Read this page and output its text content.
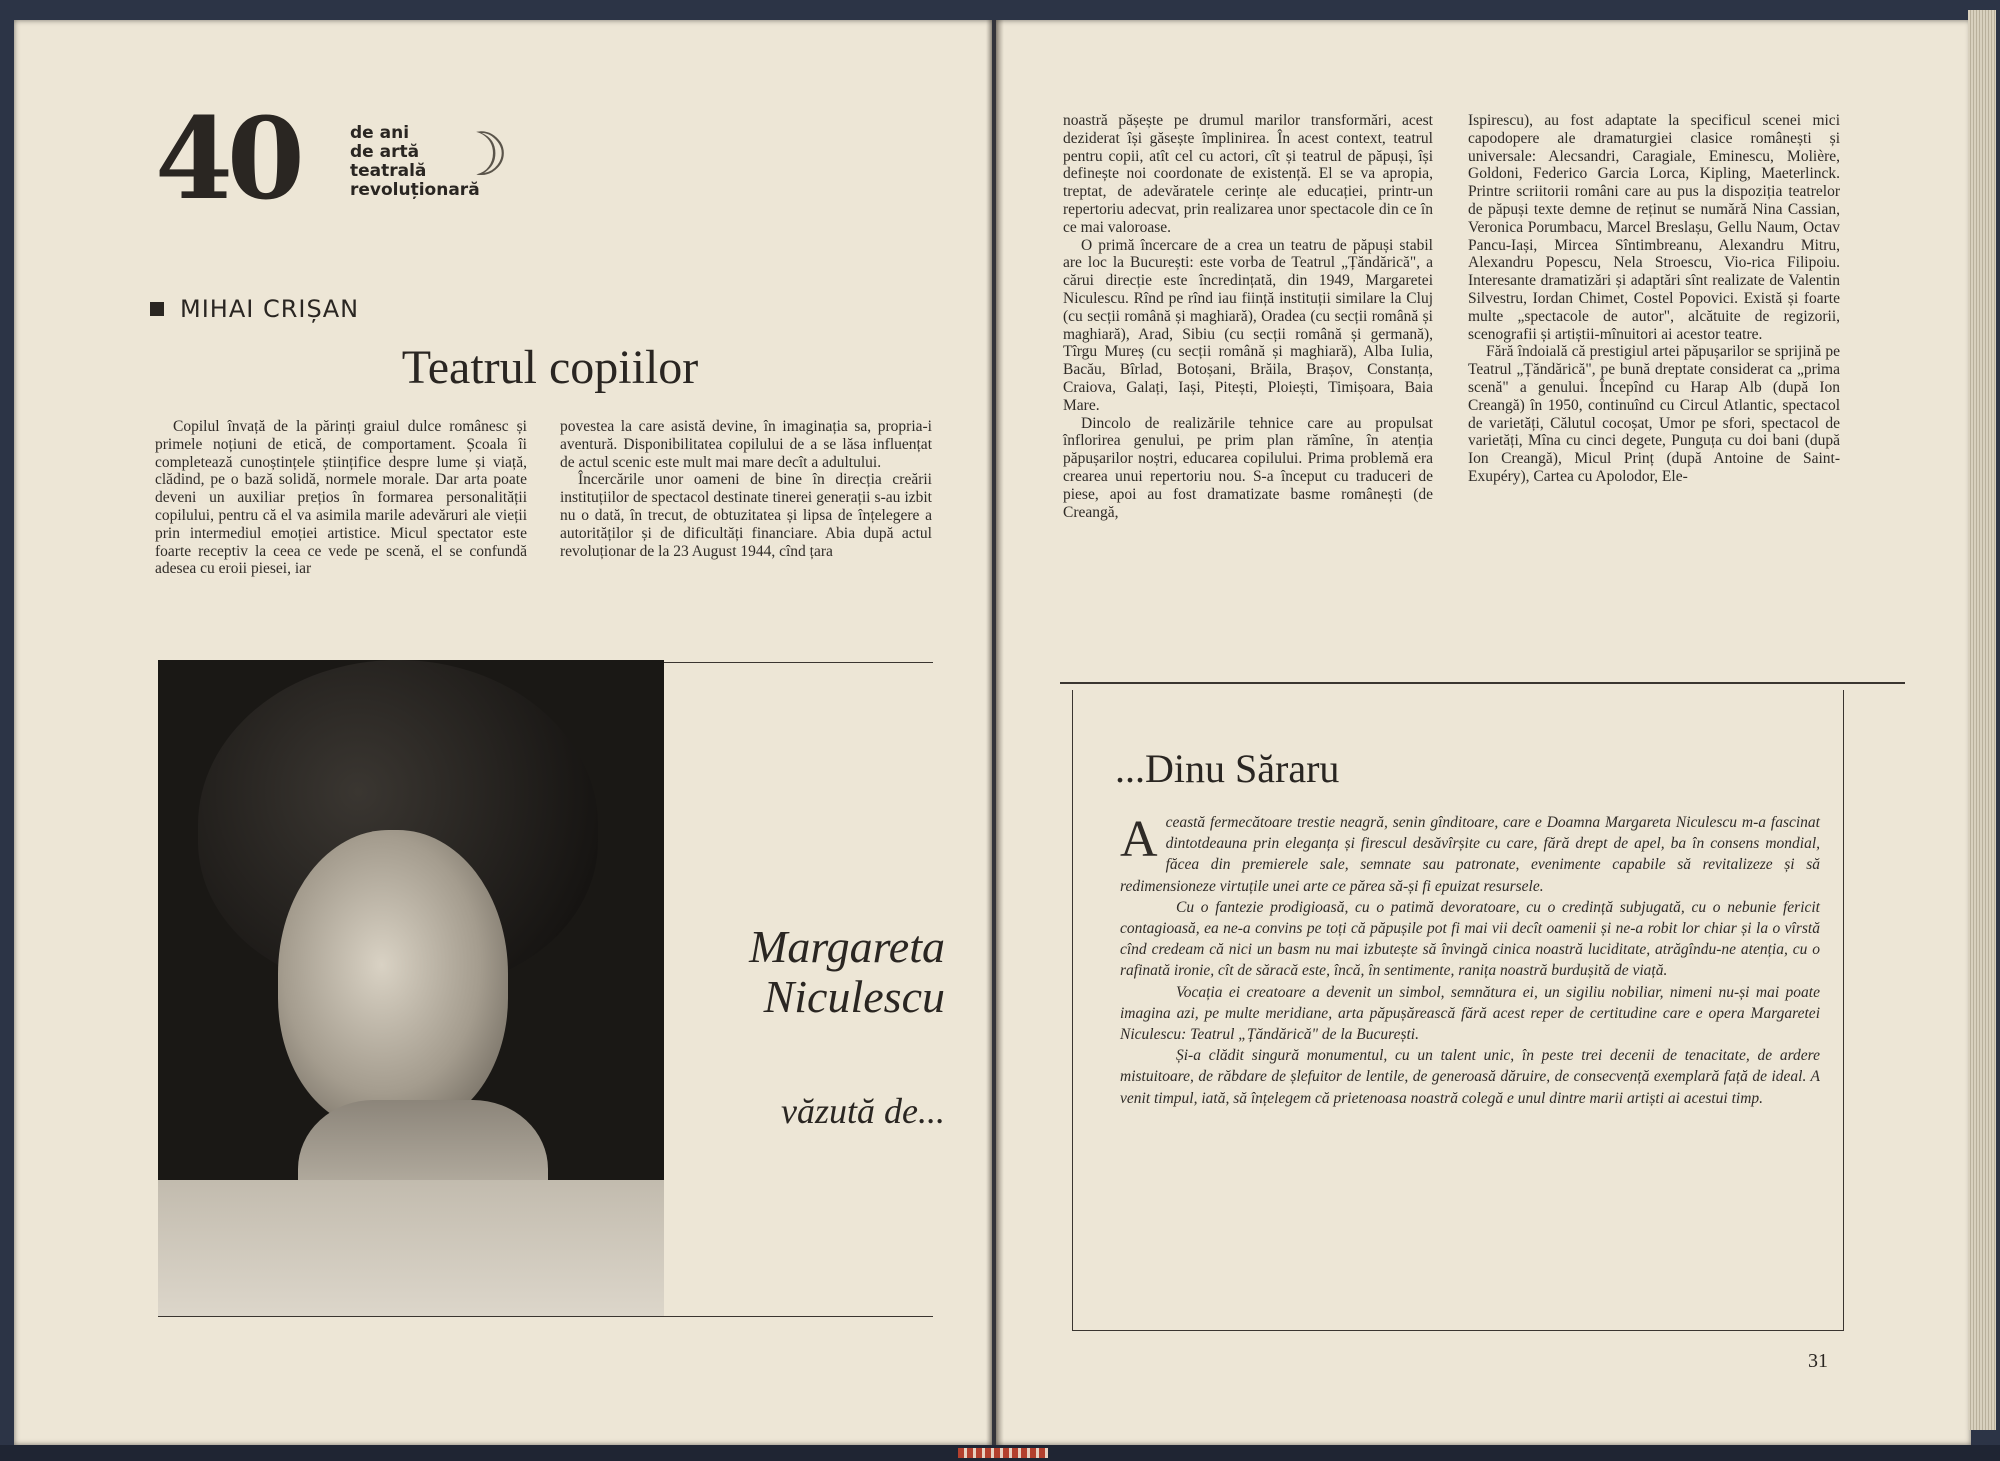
40	de ani
de artă
teatrală
revoluționară
☽
MIHAI CRIȘAN
Teatrul copiilor

Copilul învață de la părinți graiul dulce românesc și primele noțiuni de etică, de comportament. Școala îi completează cunoștințele științifice despre lume și viață, clădind, pe o bază solidă, normele morale. Dar arta poate deveni un auxiliar prețios în formarea personalității copilului, pentru că el va asimila marile adevăruri ale vieții prin intermediul emoției artistice. Micul spectator este foarte receptiv la ceea ce vede pe scenă, el se confundă adesea cu eroii piesei, iar

povestea la care asistă devine, în imaginația sa, propria-i aventură. Disponibilitatea copilului de a se lăsa influențat de actul scenic este mult mai mare decît a adultului.

Încercările unor oameni de bine în direcția creării instituțiilor de spectacol destinate tinerei generații s-au izbit nu o dată, în trecut, de obtuzitatea și lipsa de înțelegere a autorităților și de dificultăți financiare. Abia după actul revoluționar de la 23 August 1944, cînd țara

Margareta
Niculescu
văzută de...

noastră pășește pe drumul marilor transformări, acest deziderat își găsește împlinirea. În acest context, teatrul pentru copii, atît cel cu actori, cît și teatrul de păpuși, își definește noi coordonate de existență. El se va apropia, treptat, de adevăratele cerințe ale educației, printr-un repertoriu adecvat, prin realizarea unor spectacole din ce în ce mai valoroase.

O primă încercare de a crea un teatru de păpuși stabil are loc la București: este vorba de Teatrul „Țăndărică", a cărui direcție este încredințată, din 1949, Margaretei Niculescu. Rînd pe rînd iau ființă instituții similare la Cluj (cu secții română și maghiară), Oradea (cu secții română și maghiară), Arad, Sibiu (cu secții română și germană), Tîrgu Mureș (cu secții română și maghiară), Alba Iulia, Bacău, Bîrlad, Botoșani, Brăila, Brașov, Constanța, Craiova, Galați, Iași, Pitești, Ploiești, Timișoara, Baia Mare.

Dincolo de realizările tehnice care au propulsat înflorirea genului, pe prim plan rămîne, în atenția păpușarilor noștri, educarea copilului. Prima problemă era crearea unui repertoriu nou. S-a început cu traduceri de piese, apoi au fost dramatizate basme românești (de Creangă,

Ispirescu), au fost adaptate la specificul scenei mici capodopere ale dramaturgiei clasice românești și universale: Alecsandri, Caragiale, Eminescu, Molière, Goldoni, Federico Garcia Lorca, Kipling, Maeterlinck. Printre scriitorii români care au pus la dispoziția teatrelor de păpuși texte demne de reținut se numără Nina Cassian, Veronica Porumbacu, Marcel Breslașu, Gellu Naum, Octav Pancu-Iași, Mircea Sîntimbreanu, Alexandru Mitru, Alexandru Popescu, Nela Stroescu, Vio-rica Filipoiu. Interesante dramatizări și adaptări sînt realizate de Valentin Silvestru, Iordan Chimet, Costel Popovici. Există și foarte multe „spectacole de autor", alcătuite de regizorii, scenografii și artiștii-mînuitori ai acestor teatre.

Fără îndoială că prestigiul artei păpușarilor se sprijină pe Teatrul „Țăndărică", pe bună dreptate considerat ca „prima scenă" a genului. Începînd cu Harap Alb (după Ion Creangă) în 1950, continuînd cu Circul Atlantic, spectacol de varietăți, Călutul cocoșat, Umor pe sfori, spectacol de varietăți, Mîna cu cinci degete, Punguța cu doi bani (după Ion Creangă), Micul Prinț (după Antoine de Saint-Exupéry), Cartea cu Apolodor, Ele-

...Dinu Săraru

Această fermecătoare trestie neagră, senin gînditoare, care e Doamna Margareta Niculescu m-a fascinat dintotdeauna prin eleganța și firescul desăvîrșite cu care, fără drept de apel, ba în consens mondial, făcea din premierele sale, semnate sau patronate, evenimente capabile să revitalizeze și să redimensioneze virtuțile unei arte ce părea să-și fi epuizat resursele.

Cu o fantezie prodigioasă, cu o patimă devoratoare, cu o credință subjugată, cu o nebunie fericit contagioasă, ea ne-a convins pe toți că păpușile pot fi mai vii decît oamenii și ne-a robit lor chiar și la o vîrstă cînd credeam că nici un basm nu mai izbutește să învingă cinica noastră luciditate, atrăgîndu-ne atenția, cu o rafinată ironie, cît de săracă este, încă, în sentimente, ranița noastră burdușită de viață.

Vocația ei creatoare a devenit un simbol, semnătura ei, un sigiliu nobiliar, nimeni nu-și mai poate imagina azi, pe multe meridiane, arta păpușărească fără acest reper de certitudine care e opera Margaretei Niculescu: Teatrul „Țăndărică" de la București.

Și-a clădit singură monumentul, cu un talent unic, în peste trei decenii de tenacitate, de ardere mistuitoare, de răbdare de șlefuitor de lentile, de generoasă dăruire, de consecvență exemplară față de ideal. A venit timpul, iată, să înțelegem că prietenoasa noastră colegă e unul dintre marii artiști ai acestui timp.

31
